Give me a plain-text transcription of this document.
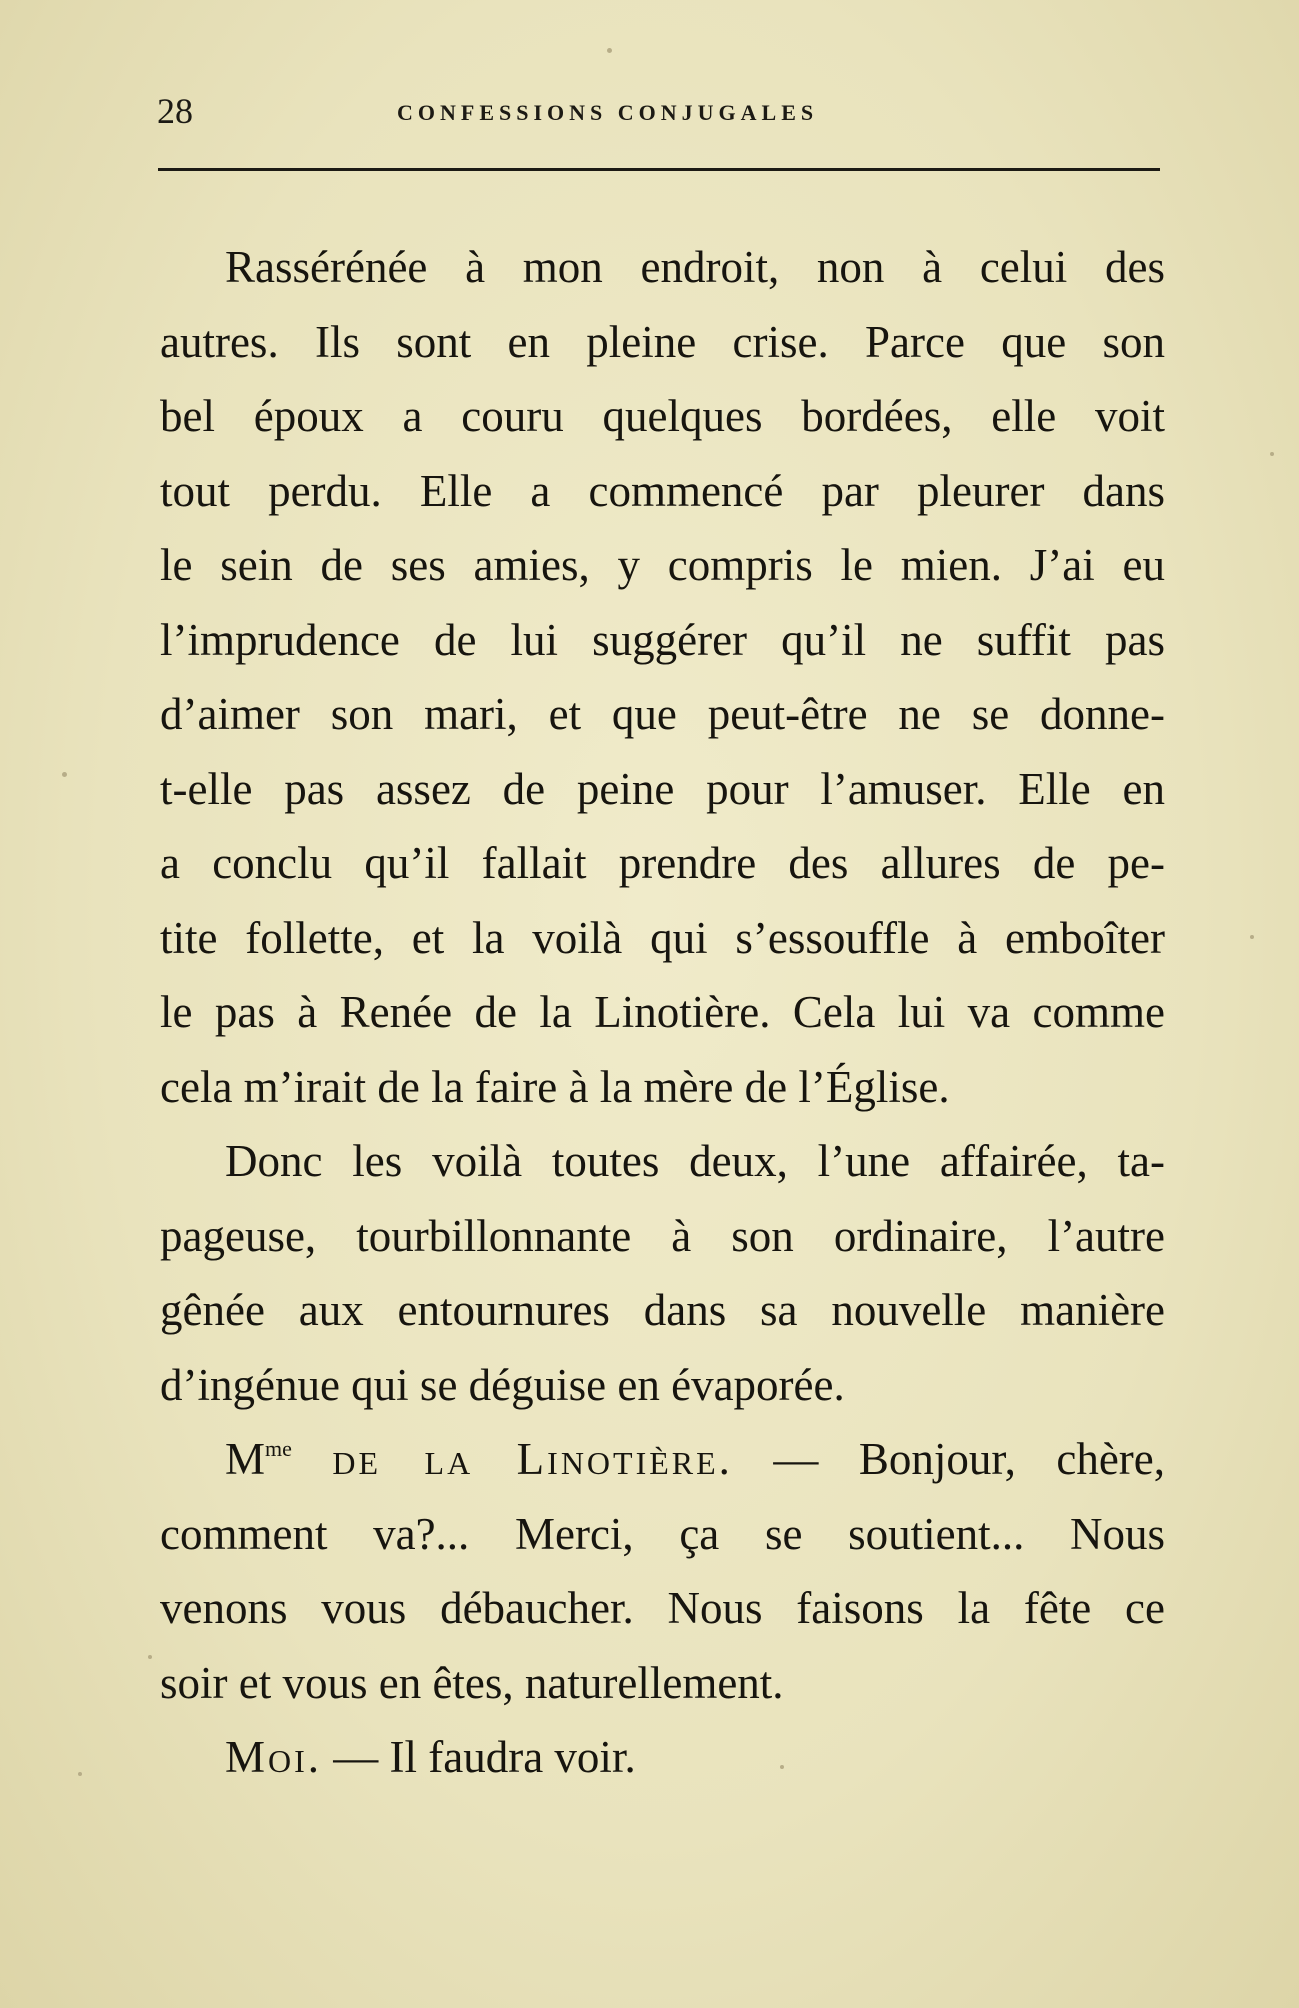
28	CONFESSIONS CONJUGALES

Rassérénée à mon endroit, non à celui des
autres. Ils sont en pleine crise. Parce que son
bel époux a couru quelques bordées, elle voit
tout perdu. Elle a commencé par pleurer dans
le sein de ses amies, y compris le mien. J’ai eu
l’imprudence de lui suggérer qu’il ne suffit pas
d’aimer son mari, et que peut-être ne se donne-
t-elle pas assez de peine pour l’amuser. Elle en
a conclu qu’il fallait prendre des allures de pe-
tite follette, et la voilà qui s’essouffle à emboîter
le pas à Renée de la Linotière. Cela lui va comme
cela m’irait de la faire à la mère de l’Église.

Donc les voilà toutes deux, l’une affairée, ta-
pageuse, tourbillonnante à son ordinaire, l’autre
gênée aux entournures dans sa nouvelle manière
d’ingénue qui se déguise en évaporée.

$M^{me}$ de la Linotière. — Bonjour, chère,
comment va?... Merci, ça se soutient... Nous
venons vous débaucher. Nous faisons la fête ce
soir et vous en êtes, naturellement.

Moi. — Il faudra voir.
